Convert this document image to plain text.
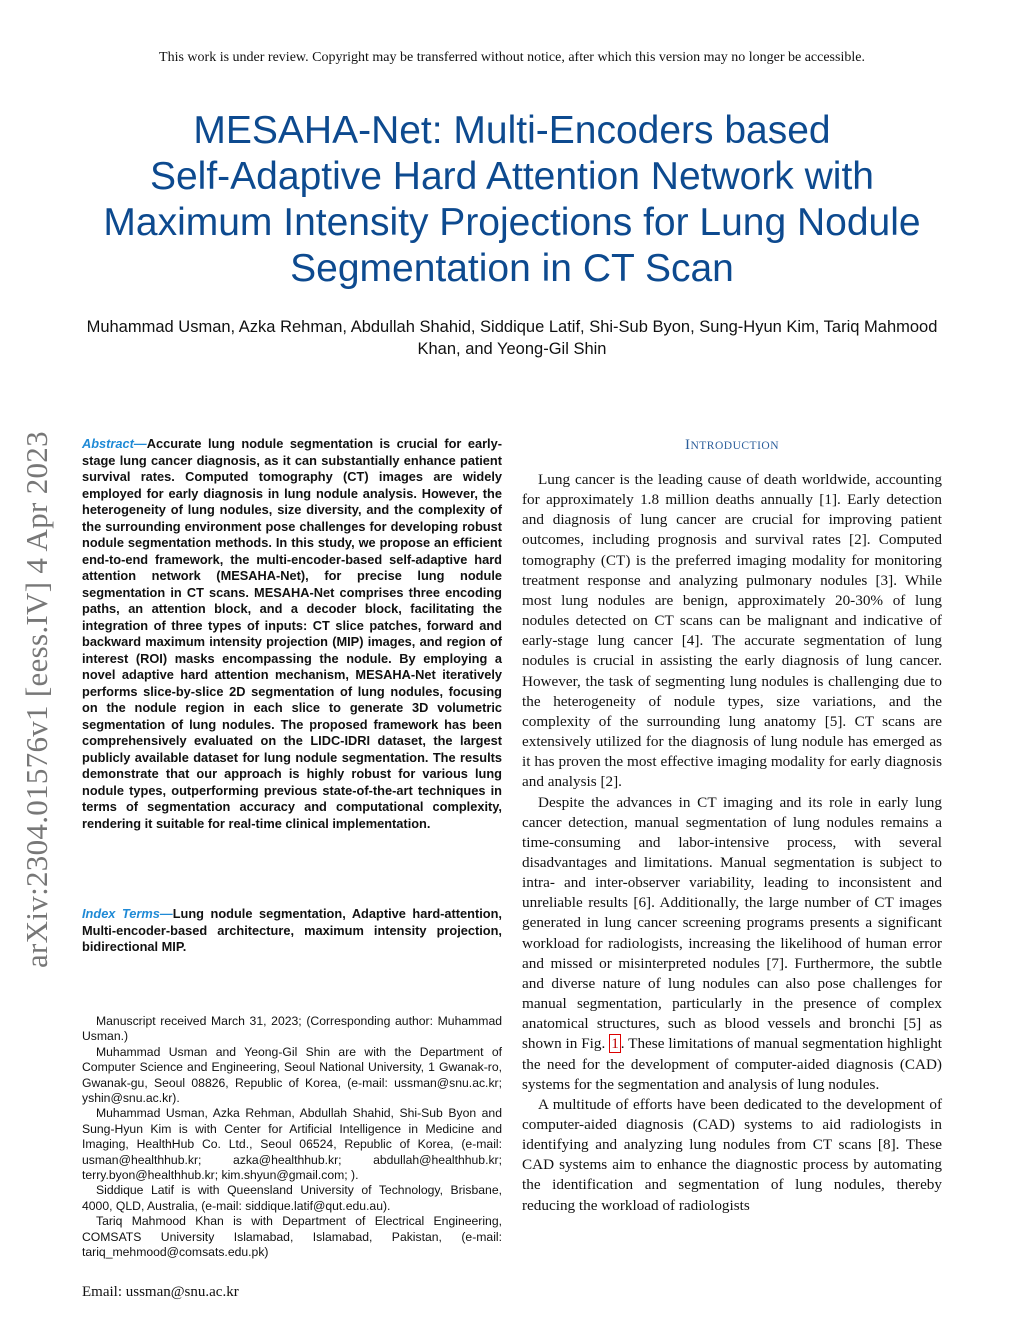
This work is under review. Copyright may be transferred without notice, after which this version may no longer be accessible.
MESAHA-Net: Multi-Encoders based
Self-Adaptive Hard Attention Network with
Maximum Intensity Projections for Lung Nodule
Segmentation in CT Scan
Muhammad Usman, Azka Rehman, Abdullah Shahid, Siddique Latif, Shi-Sub Byon, Sung-Hyun Kim, Tariq Mahmood Khan, and Yeong-Gil Shin
arXiv:2304.01576v1 [eess.IV] 4 Apr 2023 Abstract—Accurate lung nodule segmentation is crucial for early-stage lung cancer diagnosis, as it can substantially enhance patient survival rates. Computed tomography (CT) images are widely employed for early diagnosis in lung nodule analysis. However, the heterogeneity of lung nodules, size diversity, and the complexity of the surrounding environment pose challenges for developing robust nodule segmentation methods. In this study, we propose an efficient end-to-end framework, the multi-encoder-based self-adaptive hard attention network (MESAHA-Net), for precise lung nodule segmentation in CT scans. MESAHA-Net comprises three encoding paths, an attention block, and a decoder block, facilitating the integration of three types of inputs: CT slice patches, forward and backward maximum intensity projection (MIP) images, and region of interest (ROI) masks encompassing the nodule. By employing a novel adaptive hard attention mechanism, MESAHA-Net iteratively performs slice-by-slice 2D segmentation of lung nodules, focusing on the nodule region in each slice to generate 3D volumetric segmentation of lung nodules. The proposed framework has been comprehensively evaluated on the LIDC-IDRI dataset, the largest publicly available dataset for lung nodule segmentation. The results demonstrate that our approach is highly robust for various lung nodule types, outperforming previous state-of-the-art techniques in terms of segmentation accuracy and computational complexity, rendering it suitable for real-time clinical implementation.
Index Terms—Lung nodule segmentation, Adaptive hard-attention, Multi-encoder-based architecture, maximum intensity projection, bidirectional MIP.

Manuscript received March 31, 2023; (Corresponding author: Muhammad Usman.)

Muhammad Usman and Yeong-Gil Shin are with the Department of Computer Science and Engineering, Seoul National University, 1 Gwanak-ro, Gwanak-gu, Seoul 08826, Republic of Korea, (e-mail: ussman@snu.ac.kr; yshin@snu.ac.kr).

Muhammad Usman, Azka Rehman, Abdullah Shahid, Shi-Sub Byon and Sung-Hyun Kim is with Center for Artificial Intelligence in Medicine and Imaging, HealthHub Co. Ltd., Seoul 06524, Republic of Korea, (e-mail: usman@healthhub.kr; azka@healthhub.kr; abdullah@healthhub.kr; terry.byon@healthhub.kr; kim.shyun@gmail.com; ).

Siddique Latif is with Queensland University of Technology, Brisbane, 4000, QLD, Australia, (e-mail: siddique.latif@qut.edu.au).

Tariq Mahmood Khan is with Department of Electrical Engineering, COMSATS University Islamabad, Islamabad, Pakistan, (e-mail: tariq_mehmood@comsats.edu.pk)

Email: ussman@snu.ac.kr
INTRODUCTION

Lung cancer is the leading cause of death worldwide, accounting for approximately 1.8 million deaths annually [1]. Early detection and diagnosis of lung cancer are crucial for improving patient outcomes, including prognosis and survival rates [2]. Computed tomography (CT) is the preferred imaging modality for monitoring treatment response and analyzing pulmonary nodules [3]. While most lung nodules are benign, approximately 20-30% of lung nodules detected on CT scans can be malignant and indicative of early-stage lung cancer [4]. The accurate segmentation of lung nodules is crucial in assisting the early diagnosis of lung cancer. However, the task of segmenting lung nodules is challenging due to the heterogeneity of nodule types, size variations, and the complexity of the surrounding lung anatomy [5]. CT scans are extensively utilized for the diagnosis of lung nodule has emerged as it has proven the most effective imaging modality for early diagnosis and analysis [2].

Despite the advances in CT imaging and its role in early lung cancer detection, manual segmentation of lung nodules remains a time-consuming and labor-intensive process, with several disadvantages and limitations. Manual segmentation is subject to intra- and inter-observer variability, leading to inconsistent and unreliable results [6]. Additionally, the large number of CT images generated in lung cancer screening programs presents a significant workload for radiologists, increasing the likelihood of human error and missed or misinterpreted nodules [7]. Furthermore, the subtle and diverse nature of lung nodules can also pose challenges for manual segmentation, particularly in the presence of complex anatomical structures, such as blood vessels and bronchi [5] as shown in Fig. 1 . These limitations of manual segmentation highlight the need for the development of computer-aided diagnosis (CAD) systems for the segmentation and analysis of lung nodules.

A multitude of efforts have been dedicated to the development of computer-aided diagnosis (CAD) systems to aid radiologists in identifying and analyzing lung nodules from CT scans [8]. These CAD systems aim to enhance the diagnostic process by automating the identification and segmentation of lung nodules, thereby reducing the workload of radiologists
